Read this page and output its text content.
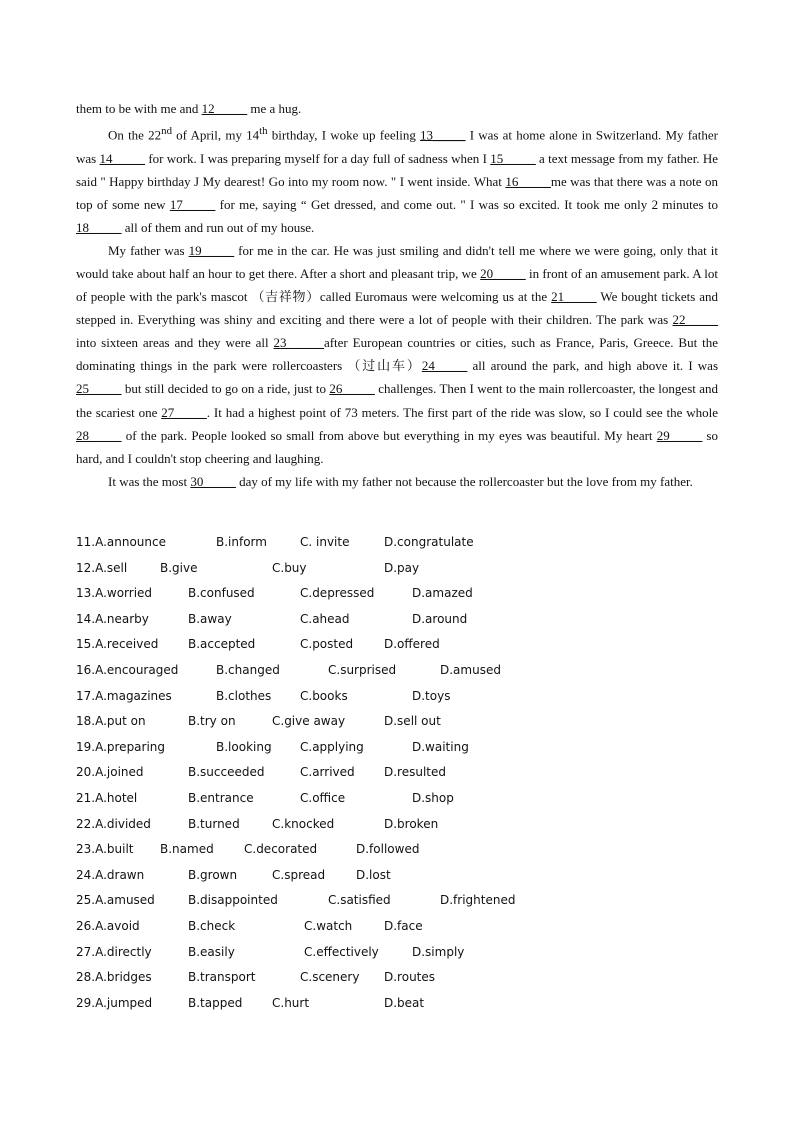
them to be with me and 12_____ me a hug.

On the 22nd of April, my 14th birthday, I woke up feeling 13_____ I was at home alone in Switzerland. My father was 14_____ for work. I was preparing myself for a day full of sadness when I 15_____ a text message from my father. He said " Happy birthday J My dearest! Go into my room now. " I went inside. What 16_____me was that there was a note on top of some new 17_____ for me, saying “ Get dressed, and come out. " I was so excited. It took me only 2 minutes to 18_____ all of them and run out of my house.

My father was 19_____ for me in the car. He was just smiling and didn't tell me where we were going, only that it would take about half an hour to get there. After a short and pleasant trip, we 20_____ in front of an amusement park. A lot of people with the park's mascot （吉祥物）called Euromaus were welcoming us at the 21_____ We bought tickets and stepped in. Everything was shiny and exciting and there were a lot of people with their children. The park was 22_____ into sixteen areas and they were all 23 _____after European countries or cities, such as France, Paris, Greece. But the dominating things in the park were rollercoasters （过山车）24_____ all around the park, and high above it. I was 25_____ but still decided to go on a ride, just to 26_____ challenges. Then I went to the main rollercoaster, the longest and the scariest one 27_____. It had a highest point of 73 meters. The first part of the ride was slow, so I could see the whole 28_____ of the park. People looked so small from above but everything in my eyes was beautiful. My heart 29_____ so hard, and I couldn't stop cheering and laughing.

It was the most 30_____ day of my life with my father not because the rollercoaster but the love from my father.

11.A.announce	B.inform	C. invite	D.congratulate
12.A.sell	B.give	C.buy	D.pay
13.A.worried	B.confused	C.depressed	D.amazed
14.A.nearby	B.away	C.ahead	D.around
15.A.received B.accepted	C.posted	D.offered
16.A.encouraged	B.changed	C.surprised	D.amused
17.A.magazines	B.clothes C.books	D.toys
18.A.put on	B.try on	C.give away	D.sell out
19.A.preparing	B.looking C.applying	D.waiting
20.A.joined	B.succeeded	C.arrived D.resulted
21.A.hotel	B.entrance	C.office	D.shop
22.A.divided	B.turned	C.knocked	D.broken
23.A.built B.named	C.decorated	D.followed
24.A.drawn	B.grown	C.spread	D.lost
25.A.amused	B.disappointed	C.satisfied	D.frightened
26.A.avoid	B.check	C.watch	D.face
27.A.directly	B.easily	C.effectively	D.simply
28.A.bridges	B.transport	C.scenery D.routes
29.A.jumped	B.tapped C.hurt	D.beat
